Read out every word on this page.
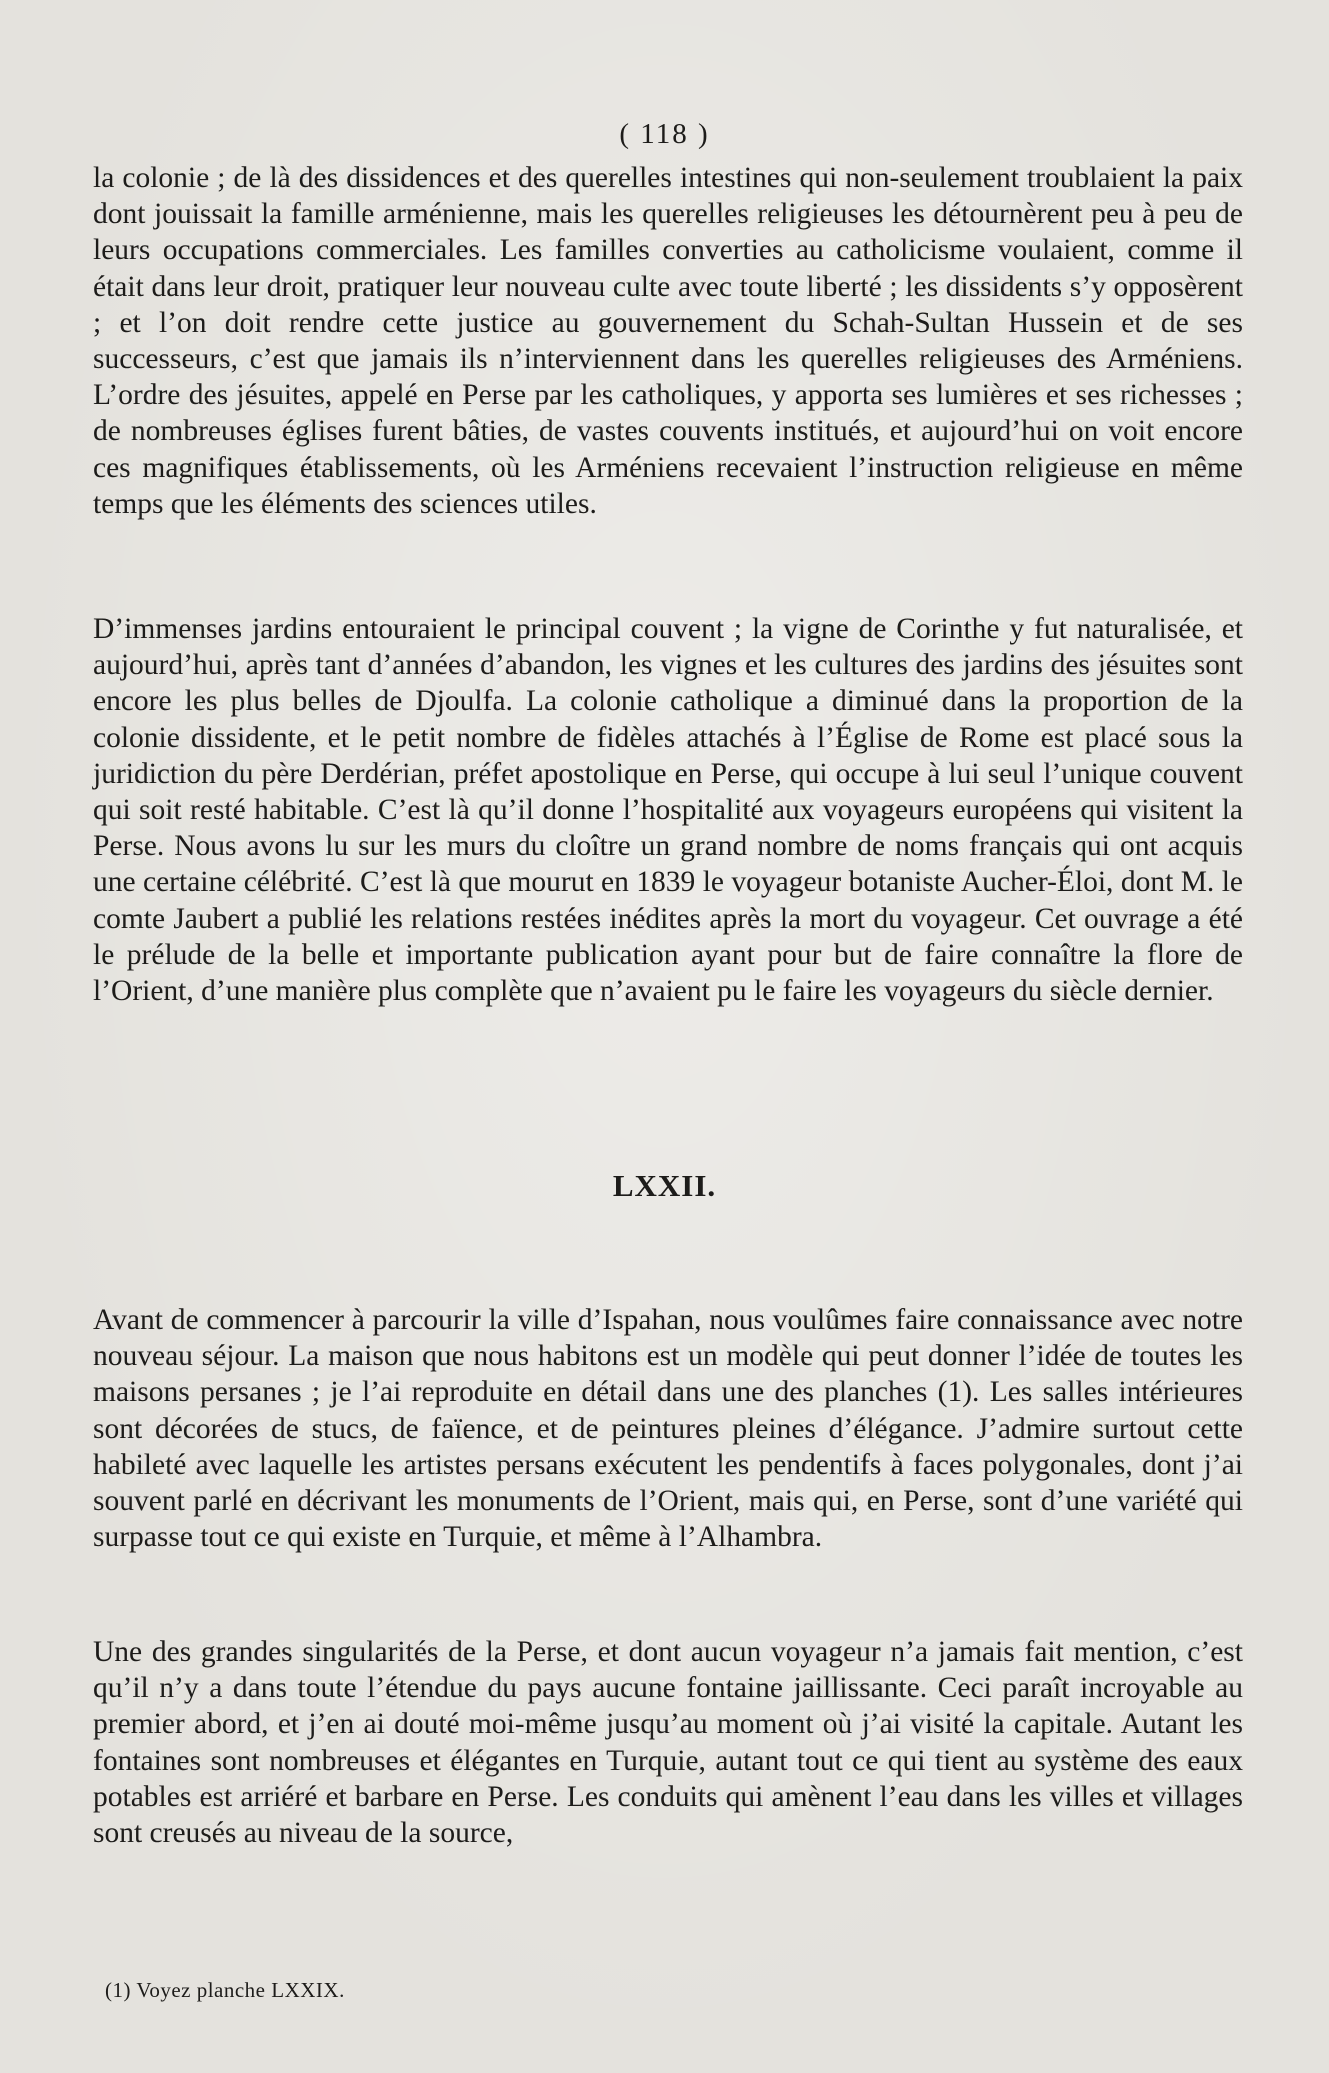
( 118 )

la colonie ; de là des dissidences et des querelles intestines qui non-seulement troublaient la paix dont jouissait la famille arménienne, mais les querelles religieuses les détournèrent peu à peu de leurs occupations commerciales. Les familles converties au catholicisme voulaient, comme il était dans leur droit, pratiquer leur nouveau culte avec toute liberté ; les dissidents s’y opposèrent ; et l’on doit rendre cette justice au gouvernement du Schah-Sultan Hussein et de ses successeurs, c’est que jamais ils n’interviennent dans les querelles religieuses des Arméniens. L’ordre des jésuites, appelé en Perse par les catholiques, y apporta ses lumières et ses richesses ; de nombreuses églises furent bâties, de vastes couvents institués, et aujourd’hui on voit encore ces magnifiques établissements, où les Arméniens recevaient l’instruction religieuse en même temps que les éléments des sciences utiles.

D’immenses jardins entouraient le principal couvent ; la vigne de Corinthe y fut naturalisée, et aujourd’hui, après tant d’années d’abandon, les vignes et les cultures des jardins des jésuites sont encore les plus belles de Djoulfa. La colonie catholique a diminué dans la proportion de la colonie dissidente, et le petit nombre de fidèles attachés à l’Église de Rome est placé sous la juridiction du père Derdérian, préfet apostolique en Perse, qui occupe à lui seul l’unique couvent qui soit resté habitable. C’est là qu’il donne l’hospitalité aux voyageurs européens qui visitent la Perse. Nous avons lu sur les murs du cloître un grand nombre de noms français qui ont acquis une certaine célébrité. C’est là que mourut en 1839 le voyageur botaniste Aucher-Éloi, dont M. le comte Jaubert a publié les relations restées inédites après la mort du voyageur. Cet ouvrage a été le prélude de la belle et importante publication ayant pour but de faire connaître la flore de l’Orient, d’une manière plus complète que n’avaient pu le faire les voyageurs du siècle dernier.

LXXII.

Avant de commencer à parcourir la ville d’Ispahan, nous voulûmes faire connaissance avec notre nouveau séjour. La maison que nous habitons est un modèle qui peut donner l’idée de toutes les maisons persanes ; je l’ai reproduite en détail dans une des planches (1). Les salles intérieures sont décorées de stucs, de faïence, et de peintures pleines d’élégance. J’admire surtout cette habileté avec laquelle les artistes persans exécutent les pendentifs à faces polygonales, dont j’ai souvent parlé en décrivant les monuments de l’Orient, mais qui, en Perse, sont d’une variété qui surpasse tout ce qui existe en Turquie, et même à l’Alhambra.

Une des grandes singularités de la Perse, et dont aucun voyageur n’a jamais fait mention, c’est qu’il n’y a dans toute l’étendue du pays aucune fontaine jaillissante. Ceci paraît incroyable au premier abord, et j’en ai douté moi-même jusqu’au moment où j’ai visité la capitale. Autant les fontaines sont nombreuses et élégantes en Turquie, autant tout ce qui tient au système des eaux potables est arriéré et barbare en Perse. Les conduits qui amènent l’eau dans les villes et villages sont creusés au niveau de la source,

(1) Voyez planche LXXIX.
